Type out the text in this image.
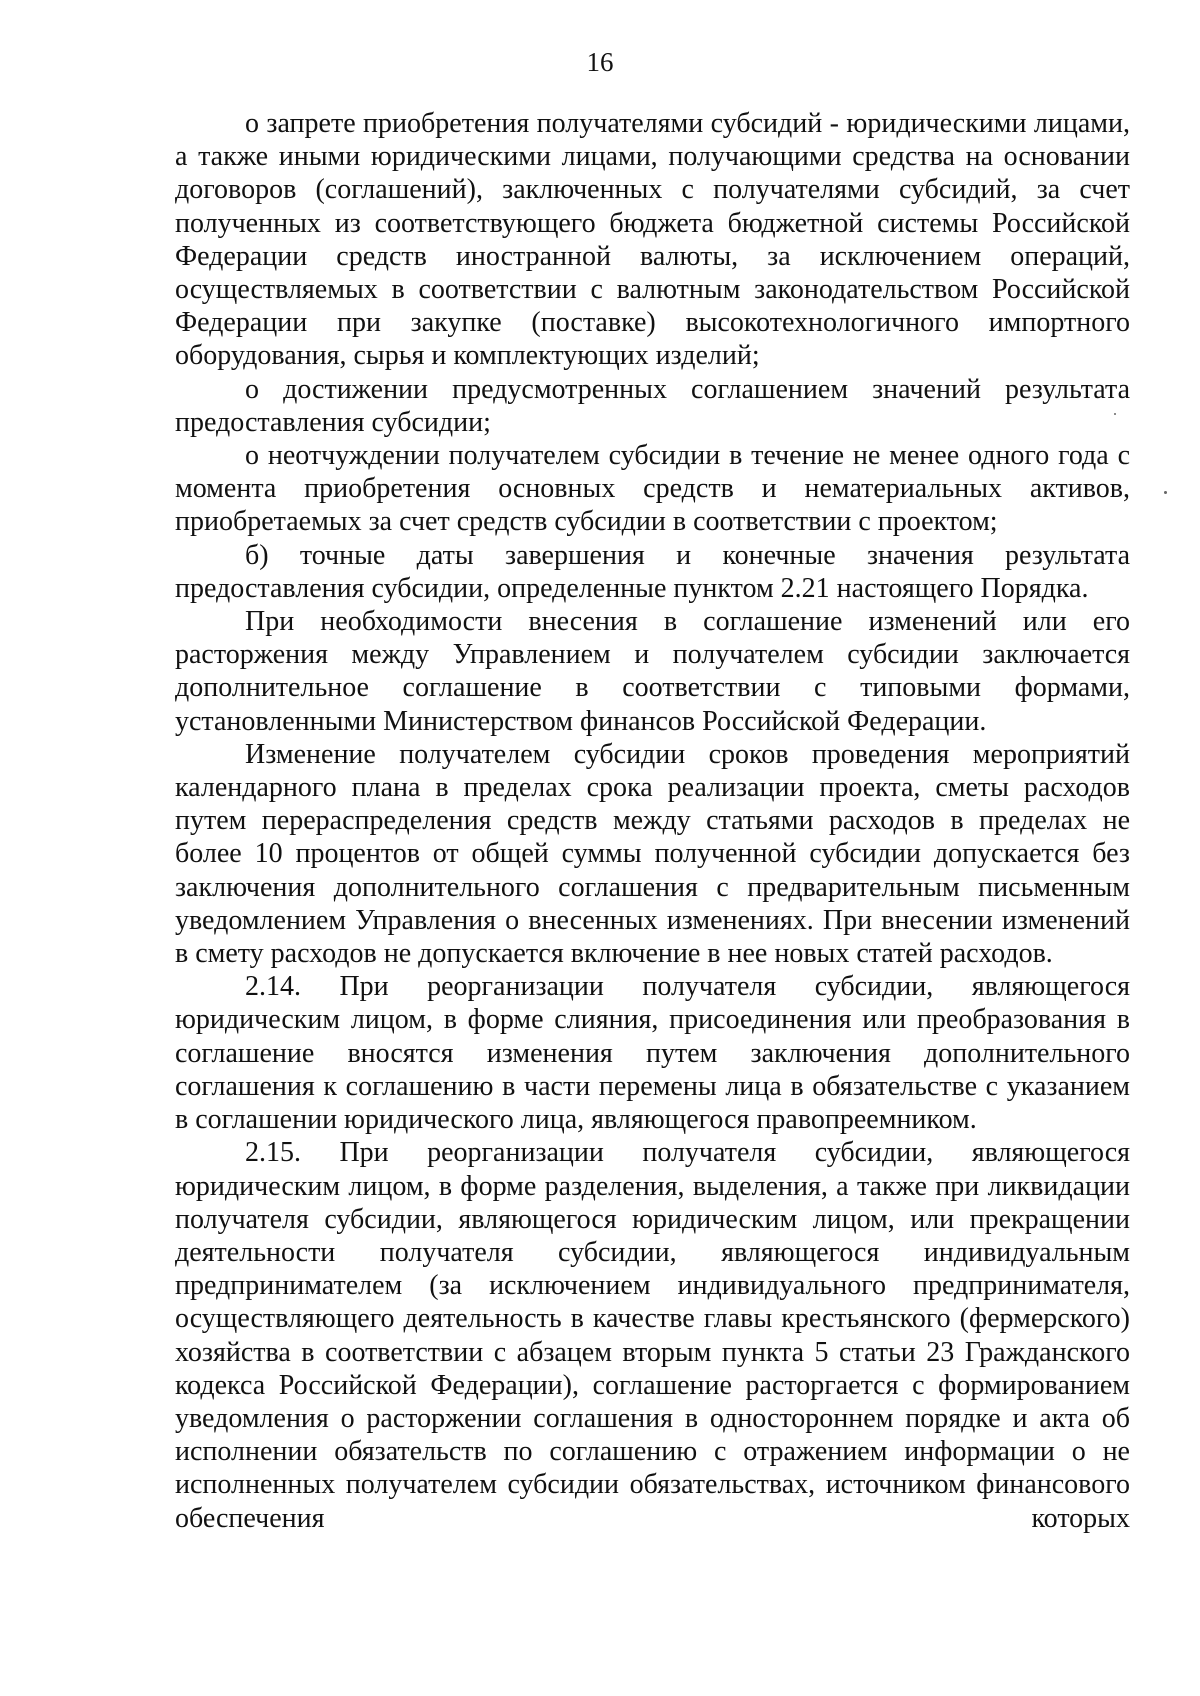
16

о запрете приобретения получателями субсидий - юридическими лицами, а также иными юридическими лицами, получающими средства на основании договоров (соглашений), заключенных с получателями субсидий, за счет полученных из соответствующего бюджета бюджетной системы Российской Федерации средств иностранной валюты, за исключением операций, осуществляемых в соответствии с валютным законодательством Российской Федерации при закупке (поставке) высокотехнологичного импортного оборудования, сырья и комплектующих изделий;

о достижении предусмотренных соглашением значений результата предоставления субсидии;

о неотчуждении получателем субсидии в течение не менее одного года с момента приобретения основных средств и нематериальных активов, приобретаемых за счет средств субсидии в соответствии с проектом;

б) точные даты завершения и конечные значения результата предоставления субсидии, определенные пунктом 2.21 настоящего Порядка.

При необходимости внесения в соглашение изменений или его расторжения между Управлением и получателем субсидии заключается дополнительное соглашение в соответствии с типовыми формами, установленными Министерством финансов Российской Федерации.

Изменение получателем субсидии сроков проведения мероприятий календарного плана в пределах срока реализации проекта, сметы расходов путем перераспределения средств между статьями расходов в пределах не более 10 процентов от общей суммы полученной субсидии допускается без заключения дополнительного соглашения с предварительным письменным уведомлением Управления о внесенных изменениях. При внесении изменений в смету расходов не допускается включение в нее новых статей расходов.

2.14. При реорганизации получателя субсидии, являющегося юридическим лицом, в форме слияния, присоединения или преобразования в соглашение вносятся изменения путем заключения дополнительного соглашения к соглашению в части перемены лица в обязательстве с указанием в соглашении юридического лица, являющегося правопреемником.

2.15. При реорганизации получателя субсидии, являющегося юридическим лицом, в форме разделения, выделения, а также при ликвидации получателя субсидии, являющегося юридическим лицом, или прекращении деятельности получателя субсидии, являющегося индивидуальным предпринимателем (за исключением индивидуального предпринимателя, осуществляющего деятельность в качестве главы крестьянского (фермерского) хозяйства в соответствии с абзацем вторым пункта 5 статьи 23 Гражданского кодекса Российской Федерации), соглашение расторгается с формированием уведомления о расторжении соглашения в одностороннем порядке и акта об исполнении обязательств по соглашению с отражением информации о не исполненных получателем субсидии обязательствах, источником финансового обеспечения которых
